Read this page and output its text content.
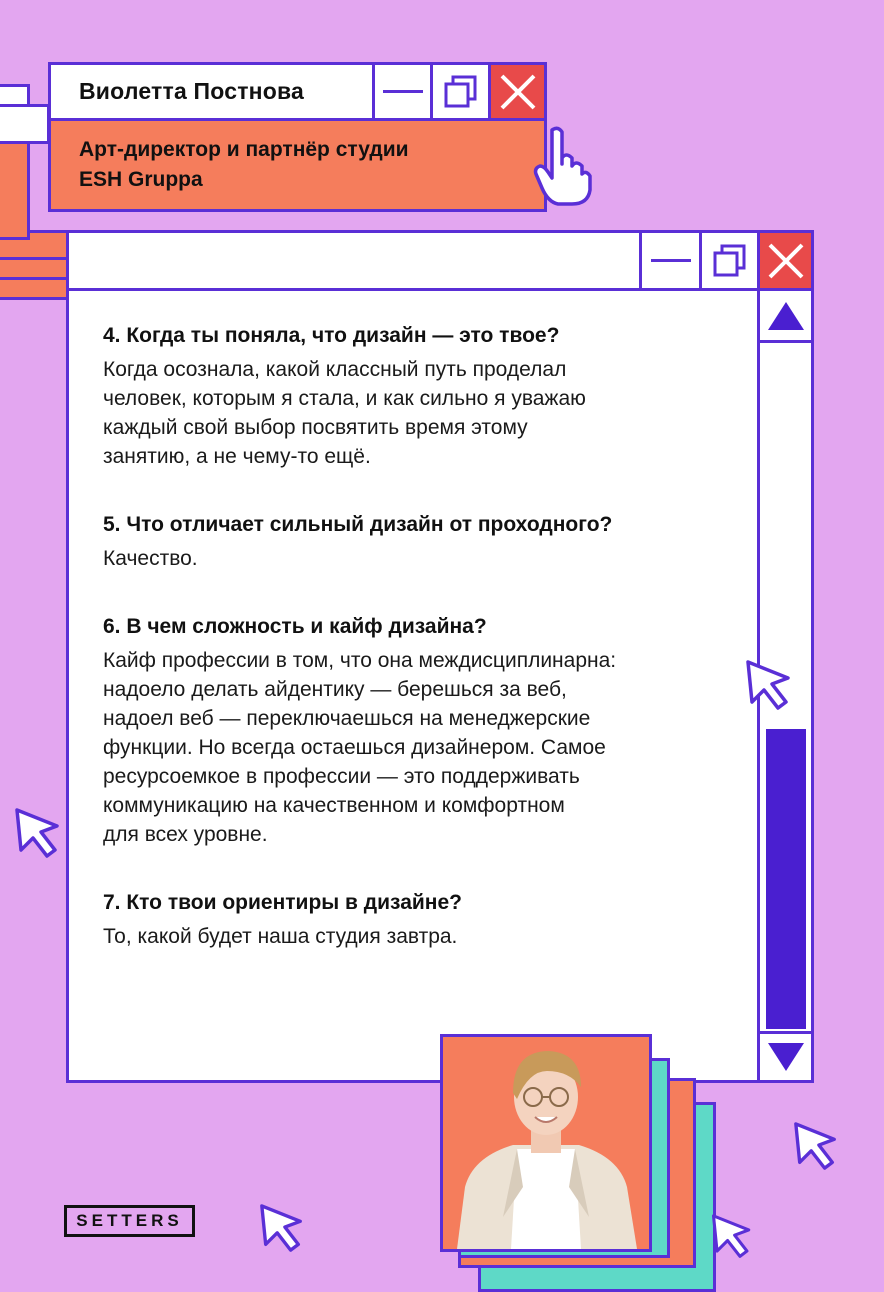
Виолетта Постнова
Арт-директор и партнёр студии
ESH Gruppa

4. Когда ты поняла, что дизайн — это твое?

Когда осознала, какой классный путь проделал
человек, которым я стала, и как сильно я уважаю
каждый свой выбор посвятить время этому
занятию, а не чему-то ещё.

5. Что отличает сильный дизайн от проходного?

Качество.

6. В чем сложность и кайф дизайна?

Кайф профессии в том, что она междисциплинарна:
надоело делать айдентику — берешься за веб,
надоел веб — переключаешься на менеджерские
функции. Но всегда остаешься дизайнером. Самое
ресурсоемкое в профессии — это поддерживать
коммуникацию на качественном и комфортном
для всех уровне.

7. Кто твои ориентиры в дизайне?

То, какой будет наша студия завтра.

SETTERS
